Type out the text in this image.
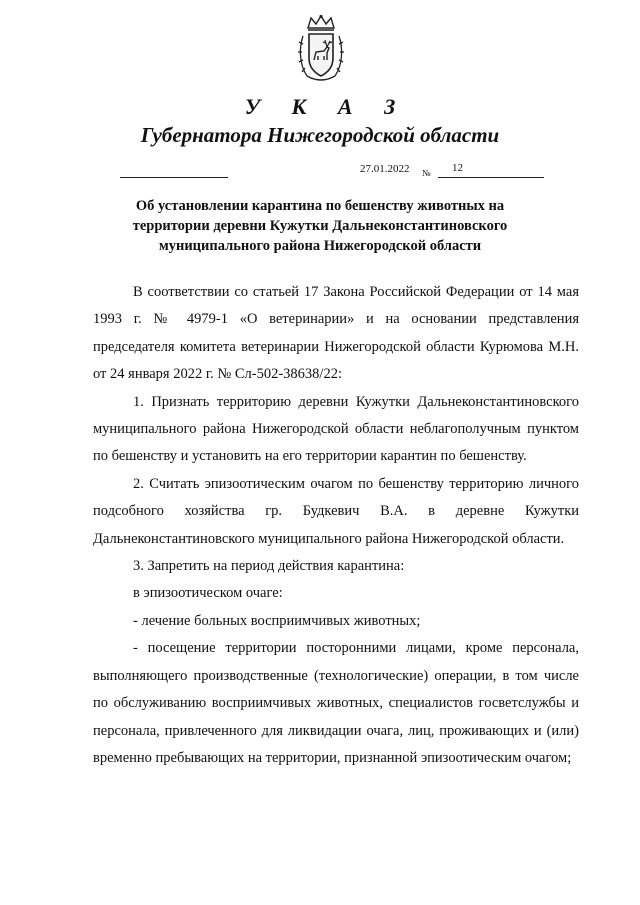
У К А З
Губернатора Нижегородской области
27.01.2022 № 12
Об установлении карантина по бешенству животных на
территории деревни Кужутки Дальнеконстантиновского
муниципального района Нижегородской области

В соответствии со статьей 17 Закона Российской Федерации от 14 мая 1993 г. № 4979-1 «О ветеринарии» и на основании представления председателя комитета ветеринарии Нижегородской области Курюмова М.Н. от 24 января 2022 г. № Сл-502-38638/22:

1. Признать территорию деревни Кужутки Дальнеконстантиновского муниципального района Нижегородской области неблагополучным пунктом по бешенству и установить на его территории карантин по бешенству.

2. Считать эпизоотическим очагом по бешенству территорию личного подсобного хозяйства гр. Будкевич В.А. в деревне Кужутки Дальнеконстантиновского муниципального района Нижегородской области.

3. Запретить на период действия карантина:

в эпизоотическом очаге:

- лечение больных восприимчивых животных;

- посещение территории посторонними лицами, кроме персонала, выполняющего производственные (технологические) операции, в том числе по обслуживанию восприимчивых животных, специалистов госветслужбы и персонала, привлеченного для ликвидации очага, лиц, проживающих и (или) временно пребывающих на территории, признанной эпизоотическим очагом;
